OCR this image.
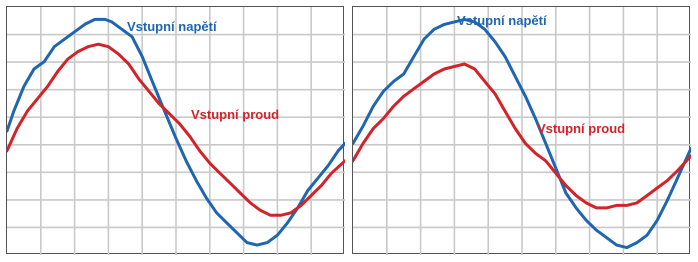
Vstupní napětí
Vstupní proud
Vstupní napětí
Vstupní proud
